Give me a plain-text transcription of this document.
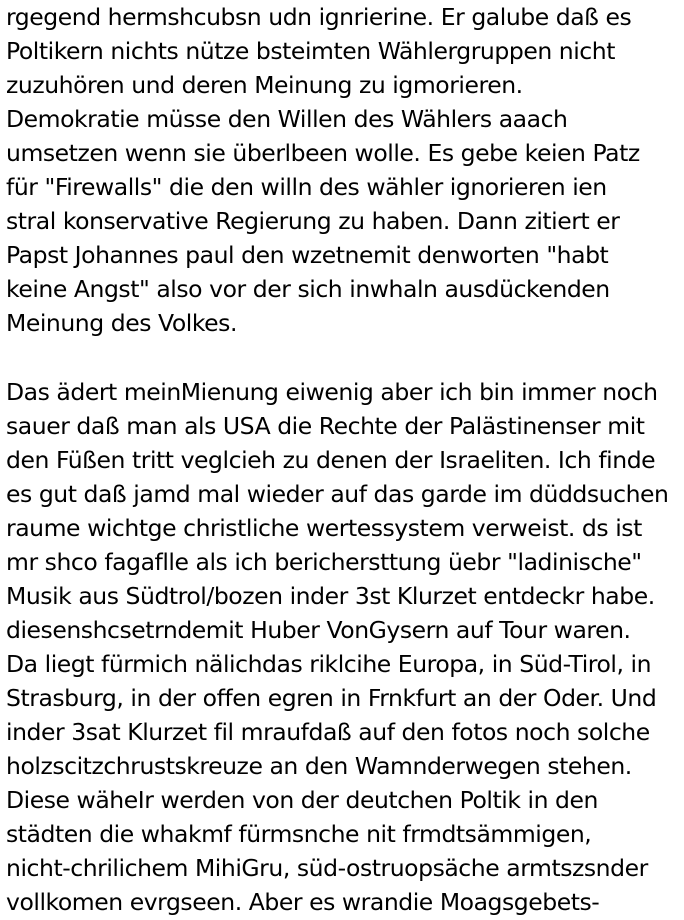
rgegend hermshcubsn udn ignrierine. Er galube daß es
Poltikern nichts nütze bsteimten Wählergruppen nicht
zuzuhören und deren Meinung zu igmorieren.
Demokratie müsse den Willen des Wählers aaach
umsetzen wenn sie überlbeen wolle. Es gebe keien Patz
für "Firewalls" die den willn des wähler ignorieren ien
stral konservative Regierung zu haben. Dann zitiert er
Papst Johannes paul den wzetnemit denworten "habt
keine Angst" also vor der sich inwhaln ausdückenden
Meinung des Volkes.
Das ädert meinMienung eiwenig aber ich bin immer noch
sauer daß man als USA die Rechte der Palästinenser mit
den Füßen tritt veglcieh zu denen der Israeliten. Ich finde
es gut daß jamd mal wieder auf das garde im düddsuchen
raume wichtge christliche wertessystem verweist. ds ist
mr shco fagaflle als ich berichersttung üebr "ladinische"
Musik aus Südtrol/bozen inder 3st Klurzet entdeckr habe.
diesenshcsetrndemit Huber VonGysern auf Tour waren.
Da liegt fürmich nälichdas riklcihe Europa, in Süd-Tirol, in
Strasburg, in der offen egren in Frnkfurt an der Oder. Und
inder 3sat Klurzet fil mraufdaß auf den fotos noch solche
holzscitzchrustskreuze an den Wamnderwegen stehen.
Diese wäheIr werden von der deutchen Poltik in den
städten die whakmf fürmsnche nit frmdtsämmigen,
nicht-chrilichem MihiGru, süd-ostruopsäche armtszsnder
vollkomen evrgseen. Aber es wrandie Moagsgebets-
